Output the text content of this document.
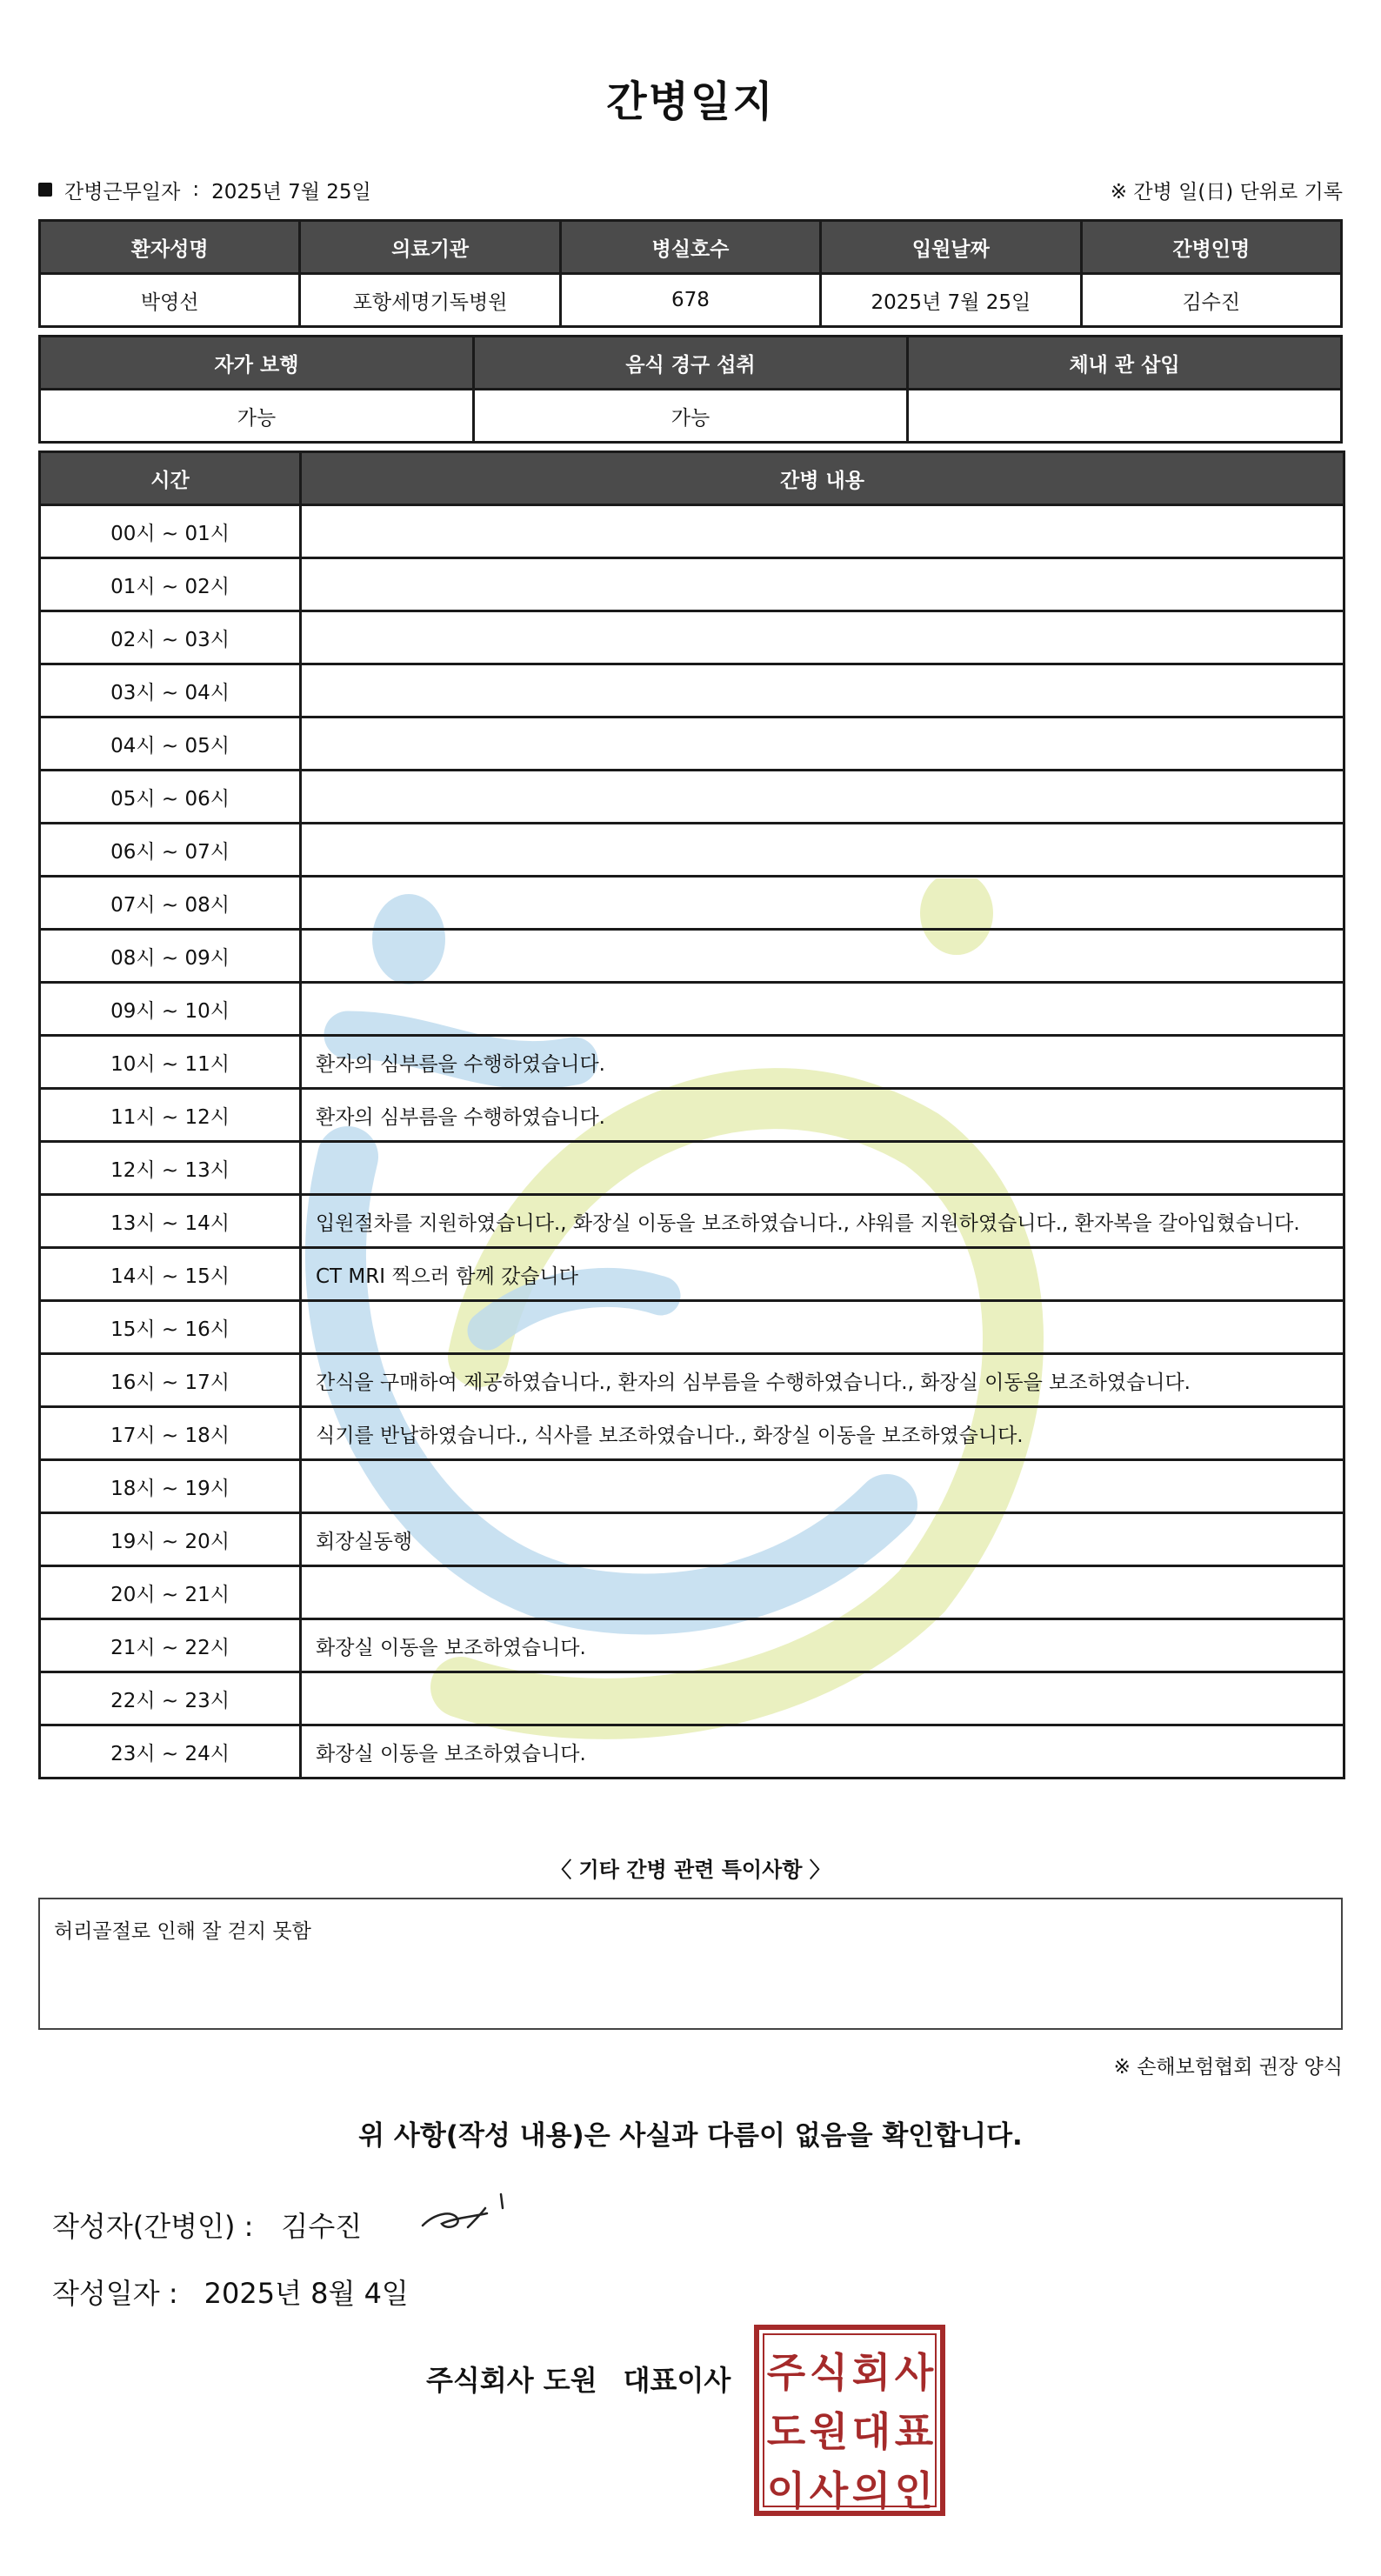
간병일지
간병근무일자 : 2025년 7월 25일	※ 간병 일(日) 단위로 기록
환자성명	의료기관	병실호수	입원날짜	간병인명
박영선	포항세명기독병원	678	2025년 7월 25일	김수진
자가 보행	음식 경구 섭취	체내 관 삽입
가능	가능	
시간	간병 내용
00시 ~ 01시	
01시 ~ 02시	
02시 ~ 03시	
03시 ~ 04시	
04시 ~ 05시	
05시 ~ 06시	
06시 ~ 07시	
07시 ~ 08시	
08시 ~ 09시	
09시 ~ 10시	
10시 ~ 11시	환자의 심부름을 수행하였습니다.
11시 ~ 12시	환자의 심부름을 수행하였습니다.
12시 ~ 13시	
13시 ~ 14시	입원절차를 지원하였습니다., 화장실 이동을 보조하였습니다., 샤워를 지원하였습니다., 환자복을 갈아입혔습니다.
14시 ~ 15시	CT MRI 찍으러 함께 갔습니다
15시 ~ 16시	
16시 ~ 17시	간식을 구매하여 제공하였습니다., 환자의 심부름을 수행하였습니다., 화장실 이동을 보조하였습니다.
17시 ~ 18시	식기를 반납하였습니다., 식사를 보조하였습니다., 화장실 이동을 보조하였습니다.
18시 ~ 19시	
19시 ~ 20시	회장실동행
20시 ~ 21시	
21시 ~ 22시	화장실 이동을 보조하였습니다.
22시 ~ 23시	
23시 ~ 24시	화장실 이동을 보조하였습니다.
〈 기타 간병 관련 특이사항 〉
허리골절로 인해 잘 걷지 못함
※ 손해보험협회 권장 양식
위 사항(작성 내용)은 사실과 다름이 없음을 확인합니다.
작성자(간병인) : 김수진
작성일자 : 2025년 8월 4일
주식회사 도원 대표이사 주 식 회 사
도 원 대 표
이 사 의 인
